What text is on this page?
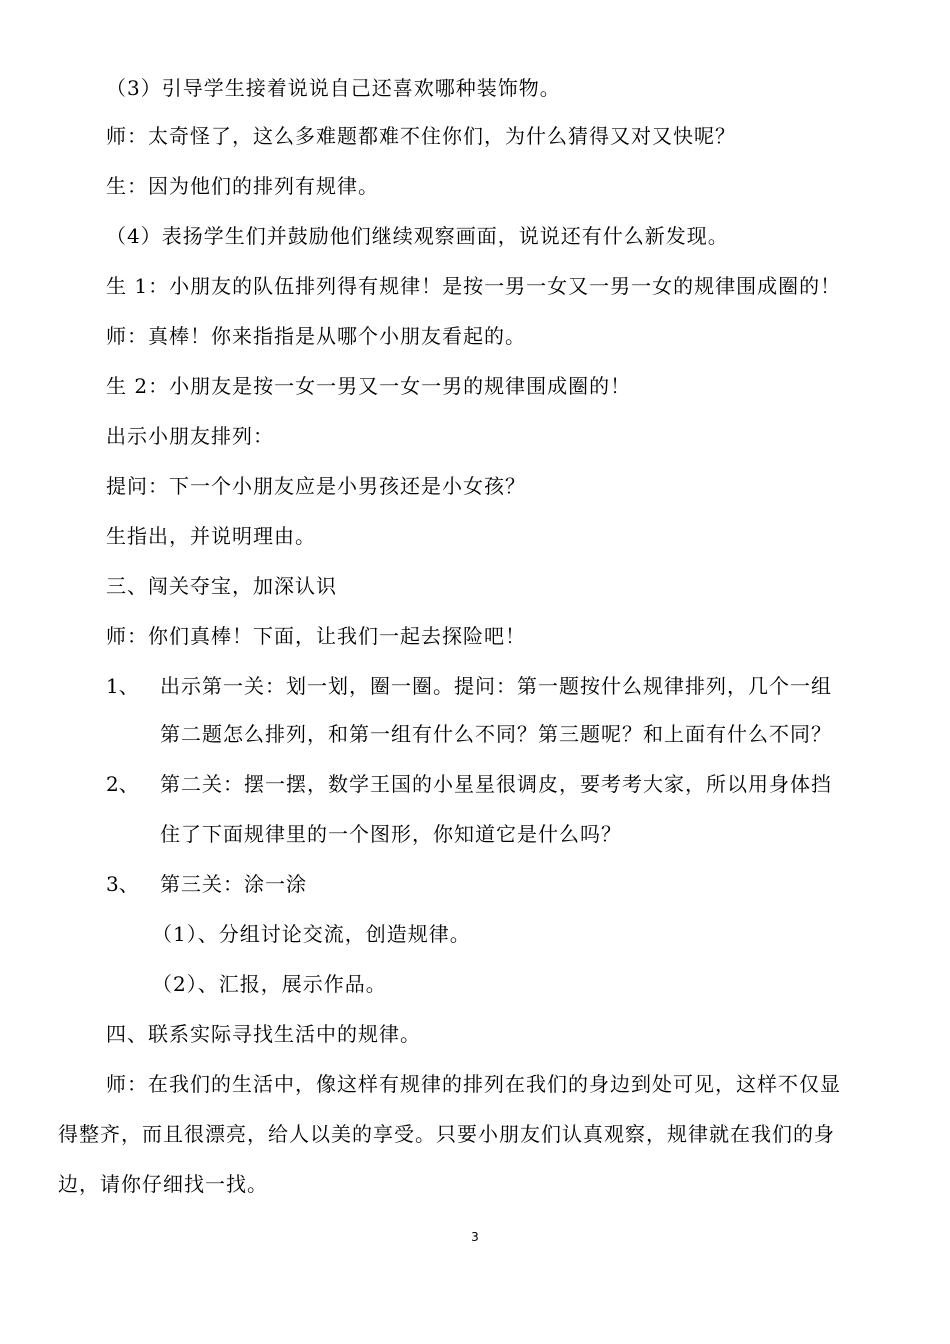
（3）引导学生接着说说自己还喜欢哪种装饰物。
师：太奇怪了，这么多难题都难不住你们，为什么猜得又对又快呢？
生：因为他们的排列有规律。
（4）表扬学生们并鼓励他们继续观察画面，说说还有什么新发现。
生 1：小朋友的队伍排列得有规律！是按一男一女又一男一女的规律围成圈的！
师：真棒！你来指指是从哪个小朋友看起的。
生 2：小朋友是按一女一男又一女一男的规律围成圈的！
出示小朋友排列：
提问：下一个小朋友应是小男孩还是小女孩？
生指出，并说明理由。
三、闯关夺宝，加深认识
师：你们真棒！下面，让我们一起去探险吧！
1、 出示第一关：划一划，圈一圈。提问：第一题按什么规律排列，几个一组
第二题怎么排列，和第一组有什么不同？第三题呢？和上面有什么不同？
2、 第二关：摆一摆，数学王国的小星星很调皮，要考考大家，所以用身体挡
住了下面规律里的一个图形，你知道它是什么吗？
3、 第三关：涂一涂
（1）、分组讨论交流，创造规律。
（2）、汇报，展示作品。
四、联系实际寻找生活中的规律。
师：在我们的生活中，像这样有规律的排列在我们的身边到处可见，这样不仅显
得整齐，而且很漂亮，给人以美的享受。只要小朋友们认真观察，规律就在我们的身
边，请你仔细找一找。
3
